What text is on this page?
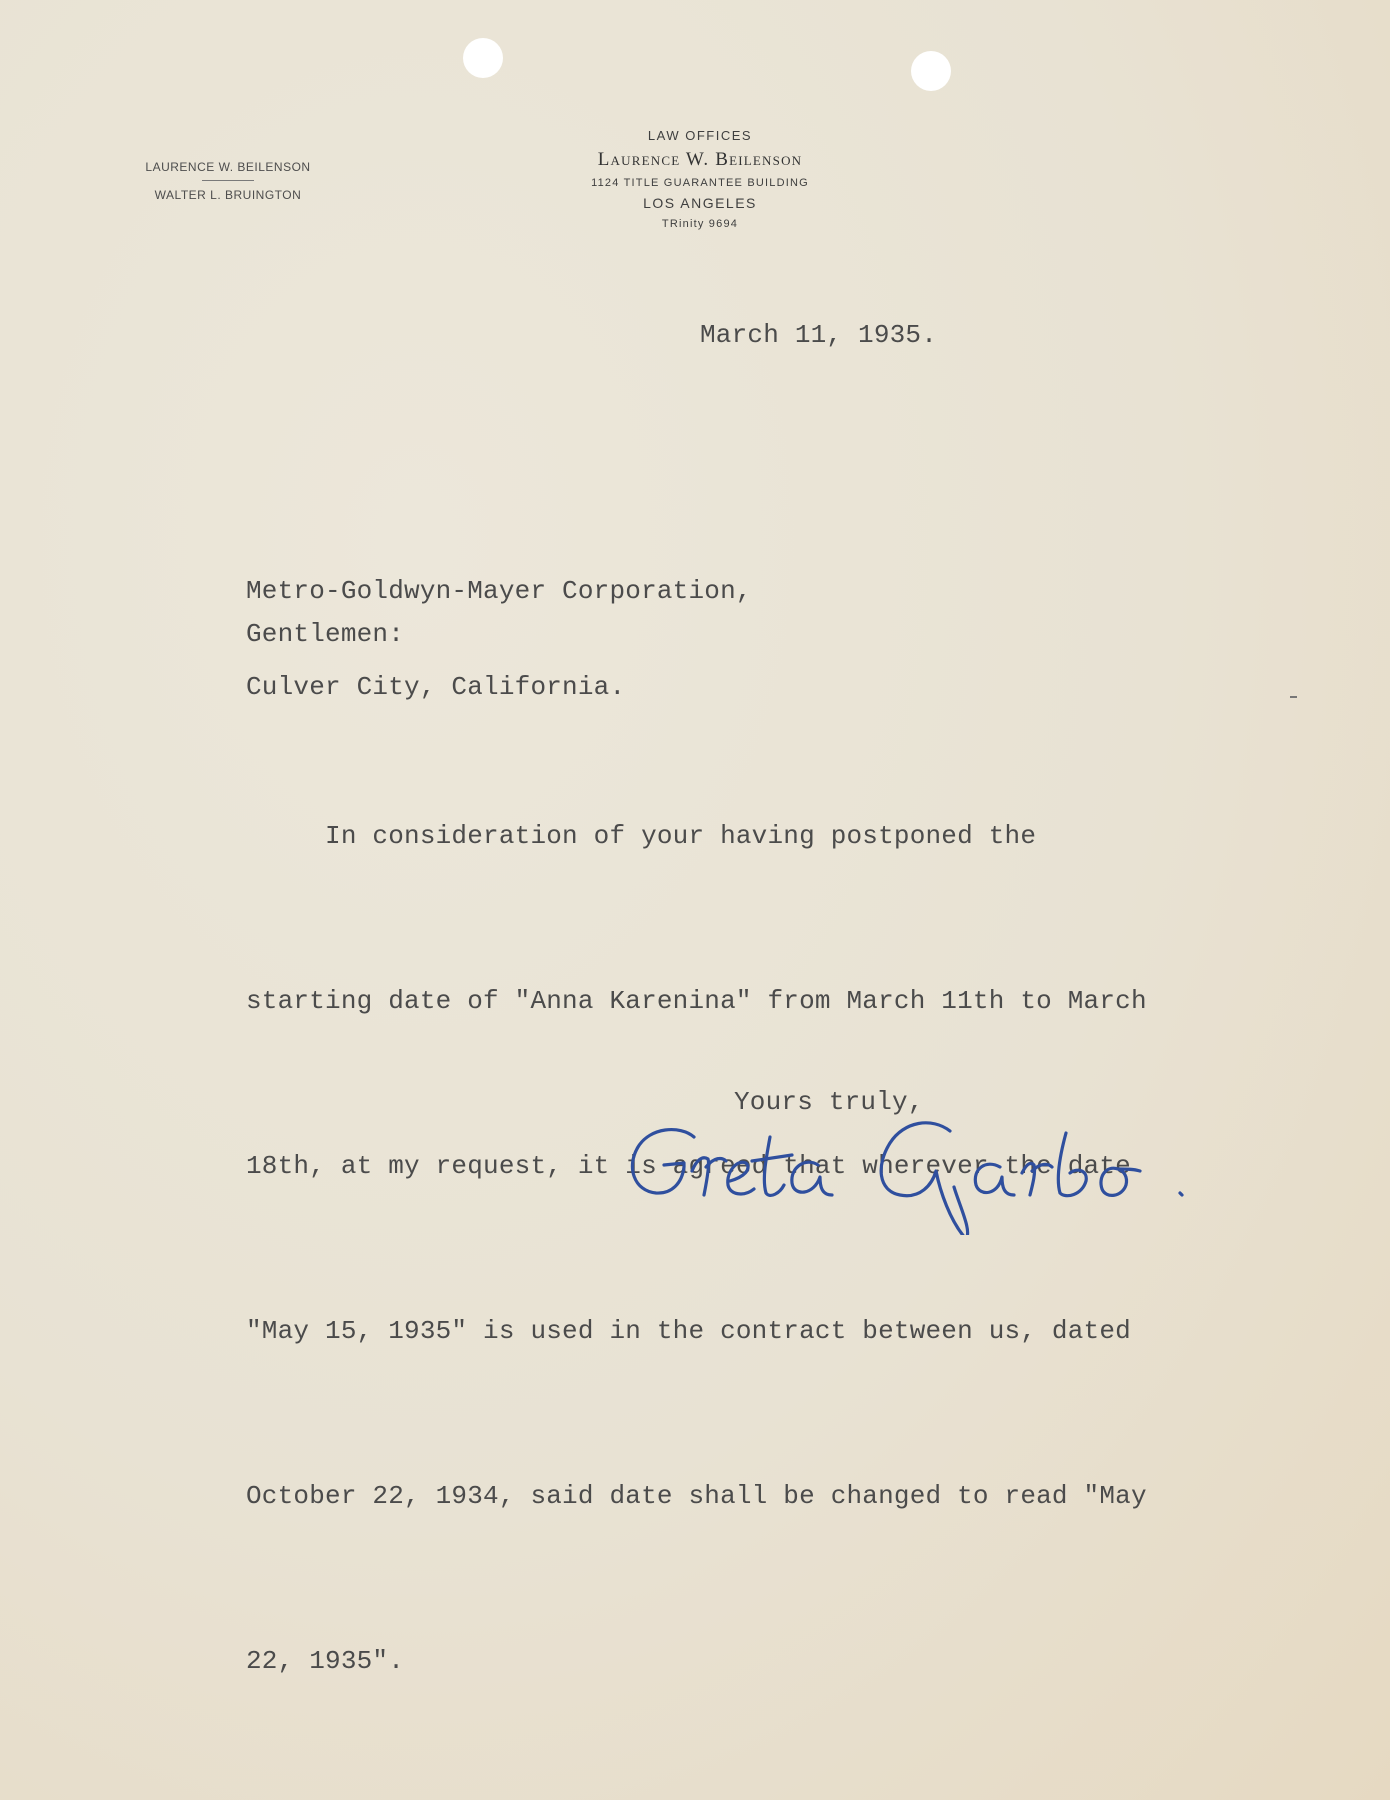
LAURENCE W. BEILENSON
WALTER L. BRUINGTON
LAW OFFICES
Laurence W. Beilenson
1124 TITLE GUARANTEE BUILDING
LOS ANGELES
TRinity 9694
March 11, 1935.

Metro-Goldwyn-Mayer Corporation,

Culver City, California.

Gentlemen:

In consideration of your having postponed the

starting date of "Anna Karenina" from March 11th to March

18th, at my request, it is agreed that wherever the date

"May 15, 1935" is used in the contract between us, dated

October 22, 1934, said date shall be changed to read "May

22, 1935".

Yours truly,
